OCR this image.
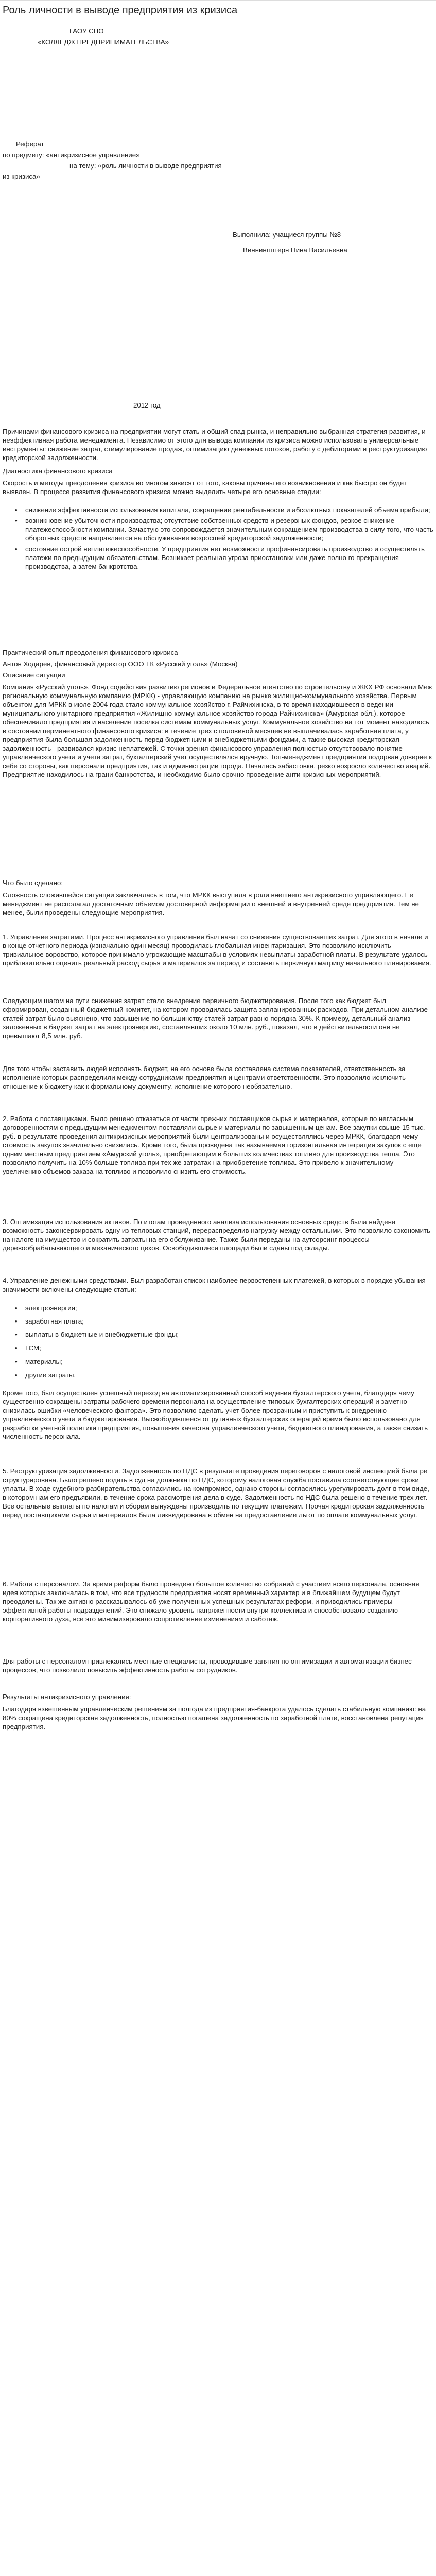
Роль личности в выводе предприятия из кризиса

ГАОУ СПО

«КОЛЛЕДЖ ПРЕДПРИНИМАТЕЛЬСТВА»

Реферат

по предмету: «антикризисное управление»

на тему: «роль личности в выводе предприятия

из кризиса»

Выполнила: учащиеся группы №8

Виннингштерн Нина Васильевна

2012 год

Причинами финансового кризиса на предприятии могут стать и общий спад рынка, и неправильно выбранная стратегия развития, и неэффективная работа менеджмента. Независимо от этого для вывода компании из кризиса можно использовать универсальные инструменты: снижение затрат, стимулирование продаж, оптимизацию денежных потоков, работу с дебиторами и реструктуризацию кредиторской задолженности.

Диагностика финансового кризиса

Скорость и методы преодоления кризиса во многом зависят от того, каковы причины его возникновения и как быстро он будет выявлен. В процессе развития финансового кризиса можно выделить четыре его основные стадии:

• снижение эффективности использования капитала, сокращение рентабельности и абсолютных показателей объема прибыли;
• возникновение убыточности производства; отсутствие собственных средств и резервных фондов, резкое снижение платежеспособности компании. Зачастую это сопровождается значительным сокращением производства в силу того, что часть оборотных средств направляется на обслуживание возросшей кредиторской задолженности;
• состояние острой неплатежеспособности. У предприятия нет возможности профинансировать производство и осуществлять платежи по предыдущим обязательствам. Возникает реальная угроза приостановки или даже полно го прекращения производства, а затем банкротства.

Практический опыт преодоления финансового кризиса

Антон Ходарев, финансовый директор ООО ТК «Русский уголь» (Москва)

Описание ситуации

Компания «Русский уголь», Фонд содействия развитию регионов и Федеральное агентство по строительству и ЖКХ РФ основали Меж региональную коммунальную компанию (МРКК) - управляющую компанию на рынке жилищно-коммунального хозяйства. Первым объектом для МРКК в июле 2004 года стало коммунальное хозяйство г. Райчихинска, в то время находившееся в ведении муниципального унитарного предприятия «Жилищно-коммунальное хозяйство города Райчихинска» (Амурская обл.), которое обеспечивало предприятия и население поселка системам коммунальных услуг. Коммунальное хозяйство на тот момент находилось в состоянии перманентного финансового кризиса: в течение трех с половиной месяцев не выплачивалась заработная плата, у предприятия была большая задолженность перед бюджетными и внебюджетными фондами, а также высокая кредиторская задолженность - развивался кризис неплатежей. С точки зрения финансового управления полностью отсутствовало понятие управленческого учета и учета затрат, бухгалтерский учет осуществлялся вручную. Топ-менеджмент предприятия подорван доверие к себе со стороны, как персонала предприятия, так и администрации города. Началась забастовка, резко возросло количество аварий. Предприятие находилось на грани банкротства, и необходимо было срочно проведение анти кризисных мероприятий.

Что было сделано:

Сложность сложившейся ситуации заключалась в том, что МРКК выступала в роли внешнего антикризисного управляющего. Ее менеджмент не располагал достаточным объемом достоверной информации о внешней и внутренней среде предприятия. Тем не менее, были проведены следующие мероприятия.

1. Управление затратами. Процесс антикризисного управления был начат со снижения существовавших затрат. Для этого в начале и в конце отчетного периода (изначально один месяц) проводилась глобальная инвентаризация. Это позволило исключить тривиальное воровство, которое принимало угрожающие масштабы в условиях невыплаты заработной платы. В результате удалось приблизительно оценить реальный расход сырья и материалов за период и составить первичную матрицу начального планирования.

Следующим шагом на пути снижения затрат стало внедрение первичного бюджетирования. После того как бюджет был сформирован, созданный бюджетный комитет, на котором проводилась защита запланированных расходов. При детальном анализе статей затрат было выяснено, что завышение по большинству статей затрат равно порядка 30%. К примеру, детальный анализ заложенных в бюджет затрат на электроэнергию, составлявших около 10 млн. руб., показал, что в действительности они не превышают 8,5 млн. руб.

Для того чтобы заставить людей исполнять бюджет, на его основе была составлена система показателей, ответственность за исполнение которых распределили между сотрудниками предприятия и центрами ответственности. Это позволило исключить отношение к бюджету как к формальному документу, исполнение которого необязательно.

2. Работа с поставщиками. Было решено отказаться от части прежних поставщиков сырья и материалов, которые по негласным договоренностям с предыдущим менеджментом поставляли сырье и материалы по завышенным ценам. Все закупки свыше 15 тыс. руб. в результате проведения антикризисных мероприятий были централизованы и осуществлялись через МРКК, благодаря чему стоимость закупок значительно снизилась. Кроме того, была проведена так называемая горизонтальная интеграция закупок с еще одним местным предприятием «Амурский уголь», приобретающим в больших количествах топливо для производства тепла. Это позволило получить на 10% больше топлива при тех же затратах на приобретение топлива. Это привело к значительному увеличению объемов заказа на топливо и позволило снизить его стоимость.

3. Оптимизация использования активов. По итогам проведенного анализа использования основных средств была найдена возможность законсервировать одну из тепловых станций, перераспределив нагрузку между остальными. Это позволило сэкономить на налоге на имущество и сократить затраты на его обслуживание. Также были переданы на аутсорсинг процессы деревообрабатывающего и механического цехов. Освободившиеся площади были сданы под склады.

4. Управление денежными средствами. Был разработан список наиболее первостепенных платежей, в которых в порядке убывания значимости включены следующие статьи:

• электроэнергия;
• заработная плата;
• выплаты в бюджетные и внебюджетные фонды;
• ГСМ;
• материалы;
• другие затраты.

Кроме того, был осуществлен успешный переход на автоматизированный способ ведения бухгалтерского учета, благодаря чему существенно сокращены затраты рабочего времени персонала на осуществление типовых бухгалтерских операций и заметно снизилась ошибки «человеческого фактора». Это позволило сделать учет более прозрачным и приступить к внедрению управленческого учета и бюджетирования. Высвободившееся от рутинных бухгалтерских операций время было использовано для разработки учетной политики предприятия, повышения качества управленческого учета, бюджетного планирования, а также снизить численность персонала.

5. Реструктуризация задолженности. Задолженность по НДС в результате проведения переговоров с налоговой инспекцией была ре структурирована. Было решено подать в суд на должника по НДС, которому налоговая служба поставила соответствующие сроки уплаты. В ходе судебного разбирательства согласились на компромисс, однако стороны согласились урегулировать долг в том виде, в котором нам его предъявили, в течение срока рассмотрения дела в суде. Задолженность по НДС была решено в течение трех лет. Все остальные выплаты по налогам и сборам вынуждены производить по текущим платежам. Прочая кредиторская задолженность перед поставщиками сырья и материалов была ликвидирована в обмен на предоставление льгот по оплате коммунальных услуг.

6. Работа с персоналом. За время реформ было проведено большое количество собраний с участием всего персонала, основная идея которых заключалась в том, что все трудности предприятия носят временный характер и в ближайшем будущем будут преодолены. Так же активно рассказывалось об уже полученных успешных результатах реформ, и приводились примеры эффективной работы подразделений. Это снижало уровень напряженности внутри коллектива и способствовало созданию корпоративного духа, все это минимизировало сопротивление изменениям и саботаж.

Для работы с персоналом привлекались местные специалисты, проводившие занятия по оптимизации и автоматизации бизнес-процессов, что позволило повысить эффективность работы сотрудников.

Результаты антикризисного управления:

Благодаря взвешенным управленческим решениям за полгода из предприятия-банкрота удалось сделать стабильную компанию: на 80% сокращена кредиторская задолженность, полностью погашена задолженность по заработной плате, восстановлена репутация предприятия.
